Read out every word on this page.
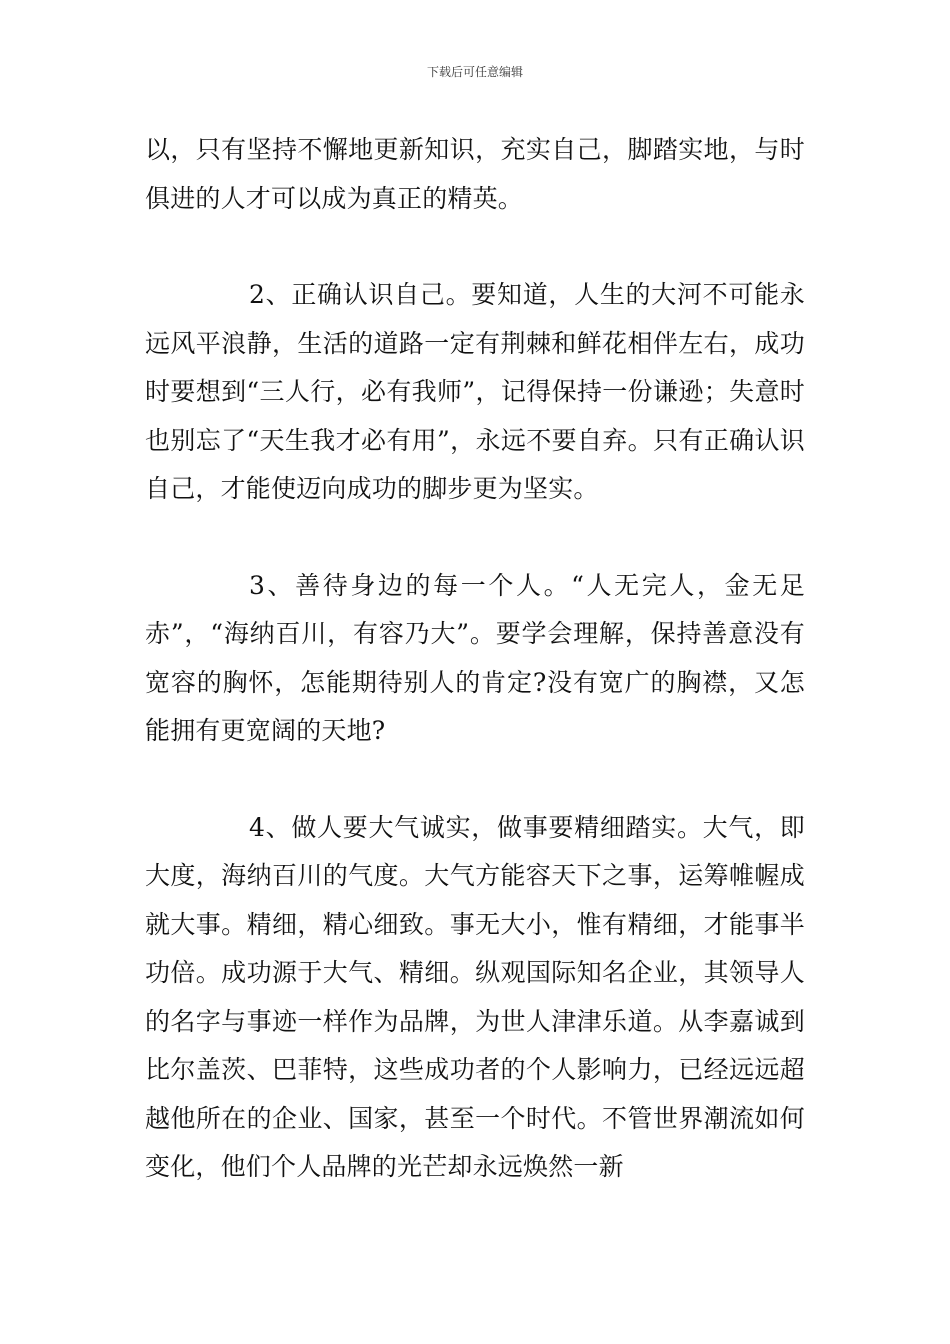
下载后可任意编辑

以，只有坚持不懈地更新知识，充实自己，脚踏实地，与时俱进的人才可以成为真正的精英。

2、正确认识自己。要知道，人生的大河不可能永远风平浪静，生活的道路一定有荆棘和鲜花相伴左右，成功时要想到“三人行，必有我师”，记得保持一份谦逊；失意时也别忘了“天生我才必有用”，永远不要自弃。只有正确认识自己，才能使迈向成功的脚步更为坚实。

3、善待身边的每一个人。“人无完人，金无足赤”，“海纳百川，有容乃大”。要学会理解，保持善意没有宽容的胸怀，怎能期待别人的肯定?没有宽广的胸襟，又怎能拥有更宽阔的天地?

4、做人要大气诚实，做事要精细踏实。大气，即大度，海纳百川的气度。大气方能容天下之事，运筹帷幄成就大事。精细，精心细致。事无大小，惟有精细，才能事半功倍。成功源于大气、精细。纵观国际知名企业，其领导人的名字与事迹一样作为品牌，为世人津津乐道。从李嘉诚到比尔盖茨、巴菲特，这些成功者的个人影响力，已经远远超越他所在的企业、国家，甚至一个时代。不管世界潮流如何变化，他们个人品牌的光芒却永远焕然一新
